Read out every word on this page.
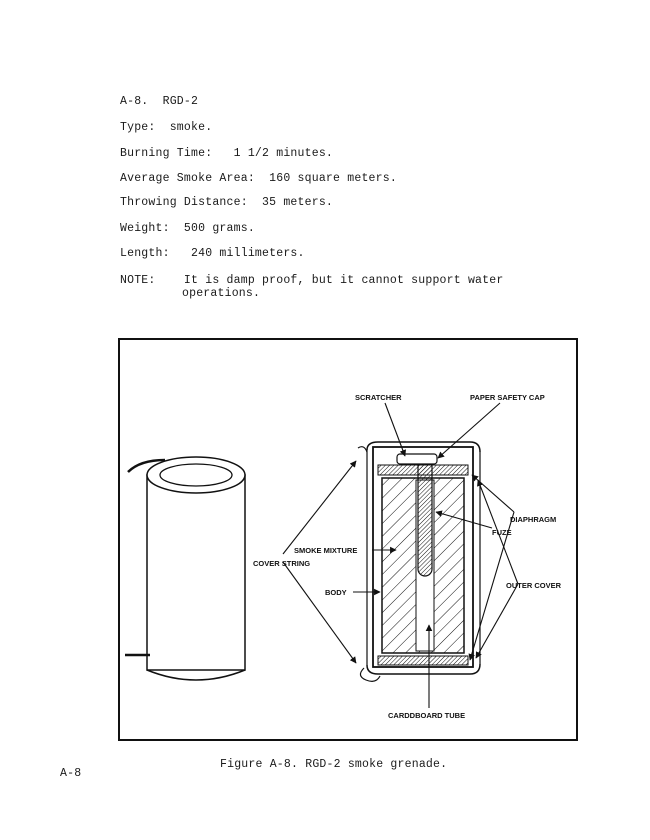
A-8.  RGD-2
Type:  smoke.
Burning Time:   1 1/2 minutes.
Average Smoke Area:  160 square meters.
Throwing Distance:  35 meters.
Weight:  500 grams.
Length:   240 millimeters.
NOTE:    It is damp proof, but it cannot support water
operations.
SCRATCHER	PAPER SAFETY CAP
DIAPHRAGM
FUZE
SMOKE MIXTURE
COVER STRING
OUTER COVER
BODY
CARDDBOARD TUBE
Figure A-8. RGD-2 smoke grenade.
A-8
